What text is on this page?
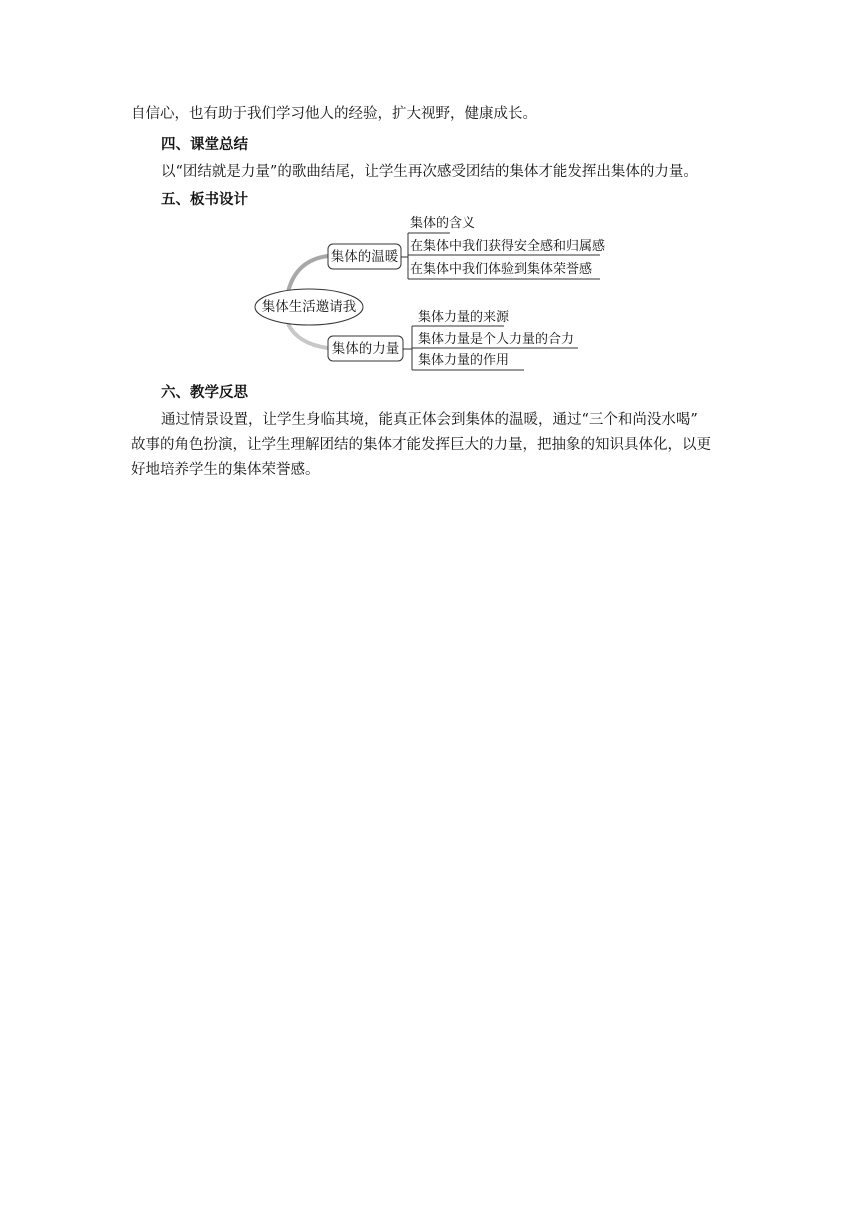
自信心，也有助于我们学习他人的经验，扩大视野，健康成长。
四、课堂总结
以“团结就是力量”的歌曲结尾，让学生再次感受团结的集体才能发挥出集体的力量。
五、板书设计
集体生活邀请我
集体的温暖
集体的力量
集体的含义
在集体中我们获得安全感和归属感
在集体中我们体验到集体荣誉感
集体力量的来源
集体力量是个人力量的合力
集体力量的作用
六、教学反思
通过情景设置，让学生身临其境，能真正体会到集体的温暖，通过“三个和尚没水喝”
故事的角色扮演，让学生理解团结的集体才能发挥巨大的力量，把抽象的知识具体化，以更
好地培养学生的集体荣誉感。
